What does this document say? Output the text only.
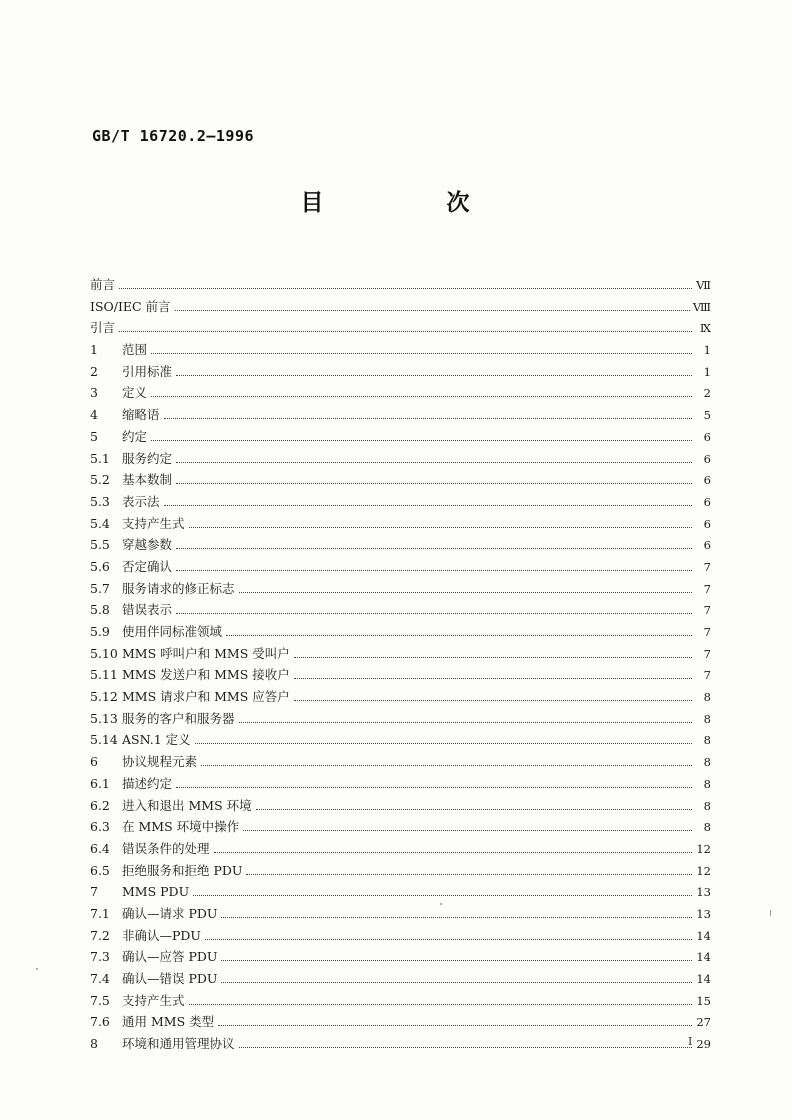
GB/T 16720.2—1996
目　次
前言	Ⅶ
ISO/IEC 前言	Ⅷ
引言	Ⅸ
1	范围	1
2	引用标准	1
3	定义	2
4	缩略语	5
5	约定	6
5.1 服务约定	6
5.2 基本数制	6
5.3 表示法	6
5.4 支持产生式	6
5.5 穿越参数	6
5.6 否定确认	7
5.7 服务请求的修正标志	7
5.8 错误表示	7
5.9 使用伴同标准领域	7
5.10 MMS 呼叫户和 MMS 受叫户	7
5.11 MMS 发送户和 MMS 接收户	7
5.12 MMS 请求户和 MMS 应答户	8
5.13 服务的客户和服务器	8
5.14 ASN.1 定义	8
6	协议规程元素	8
6.1 描述约定	8
6.2 进入和退出 MMS 环境	8
6.3 在 MMS 环境中操作	8
6.4 错误条件的处理	12
6.5 拒绝服务和拒绝 PDU	12
7	MMS PDU	13
7.1 确认—请求 PDU	13
7.2 非确认—PDU	14
7.3 确认—应答 PDU	14
7.4 确认—错误 PDU	14
7.5 支持产生式	15
7.6 通用 MMS 类型	27
8	环境和通用管理协议	29
I
